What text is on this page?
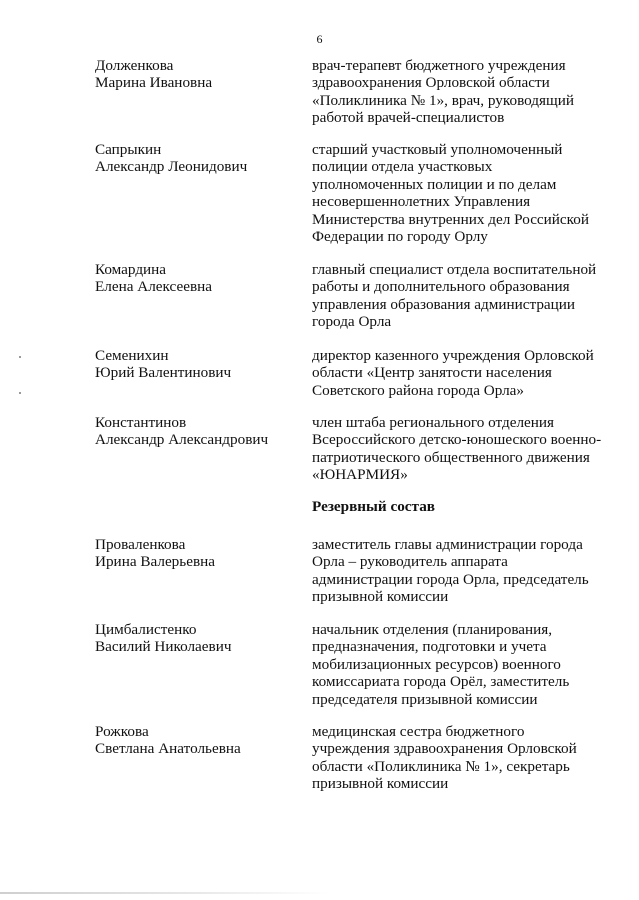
6
Долженкова
Марина Ивановна
врач-терапевт бюджетного учреждения
здравоохранения Орловской области
«Поликлиника № 1», врач, руководящий
работой врачей-специалистов
Сапрыкин
Александр Леонидович
старший участковый уполномоченный
полиции отдела участковых
уполномоченных полиции и по делам
несовершеннолетних Управления
Министерства внутренних дел Российской
Федерации по городу Орлу
Комардина
Елена Алексеевна
главный специалист отдела воспитательной
работы и дополнительного образования
управления образования администрации
города Орла
Семенихин
Юрий Валентинович
директор казенного учреждения Орловской
области «Центр занятости населения
Советского района города Орла»
Константинов
Александр Александрович
член штаба регионального отделения
Всероссийского детско-юношеского военно-
патриотического общественного движения
«ЮНАРМИЯ»
Резервный состав
Проваленкова
Ирина Валерьевна
заместитель главы администрации города
Орла – руководитель аппарата
администрации города Орла, председатель
призывной комиссии
Цимбалистенко
Василий Николаевич
начальник отделения (планирования,
предназначения, подготовки и учета
мобилизационных ресурсов) военного
комиссариата города Орёл, заместитель
председателя призывной комиссии
Рожкова
Светлана Анатольевна
медицинская сестра бюджетного
учреждения здравоохранения Орловской
области «Поликлиника № 1», секретарь
призывной комиссии
